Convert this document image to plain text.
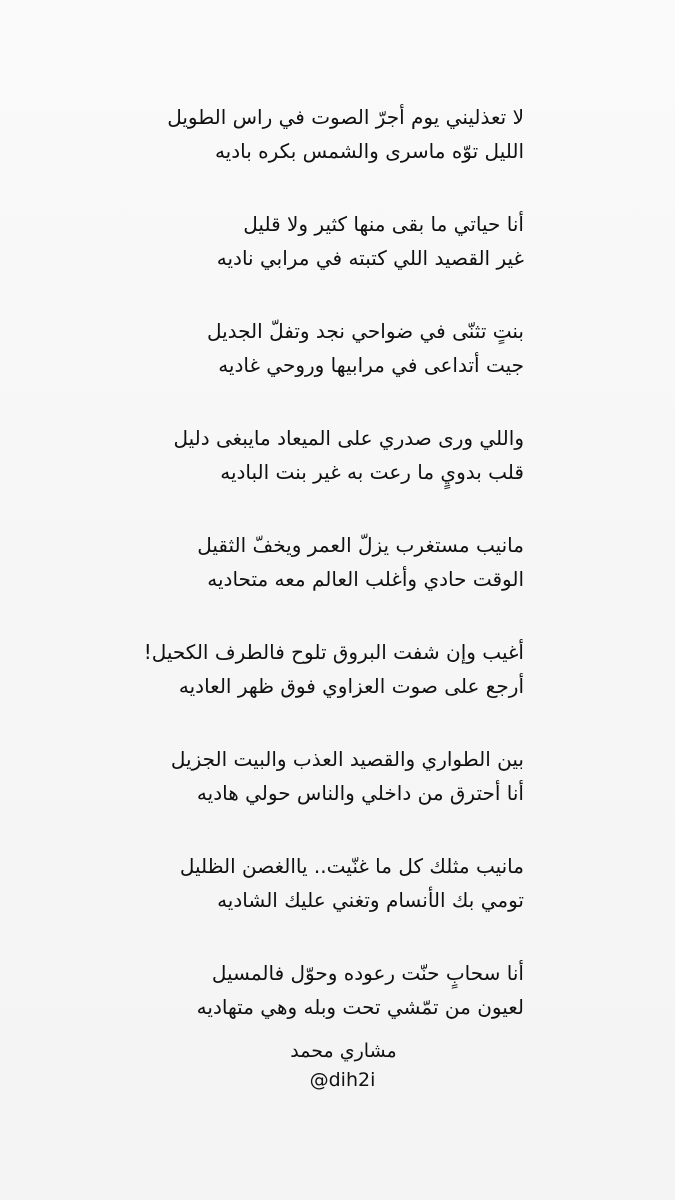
لا تعذليني يوم أجرّ الصوت في راس الطويل
الليل توّه ماسرى والشمس بكره باديه
أنا حياتي ما بقى منها كثير ولا قليل
غير القصيد اللي كتبته في مرابي ناديه
بنتٍ تثنّى في ضواحي نجد وتفلّ الجديل
جيت أتداعى في مرابيها وروحي غاديه
واللي ورى صدري على الميعاد مايبغى دليل
قلب بدويٍ ما رعت به غير بنت الباديه
مانيب مستغرب يزلّ العمر ويخفّ الثقيل
الوقت حادي وأغلب العالم معه متحاديه
أغيب وإن شفت البروق تلوح فالطرف الكحيل!
أرجع على صوت العزاوي فوق ظهر العاديه
بين الطواري والقصيد العذب والبيت الجزيل
أنا أحترق من داخلي والناس حولي هاديه
مانيب مثلك كل ما غنّيت.. ياالغصن الظليل
تومي بك الأنسام وتغني عليك الشاديه
أنا سحابٍ حنّت رعوده وحوّل فالمسيل
لعيون من تمّشي تحت وبله وهي متهاديه
مشاري محمد
@dih2i
